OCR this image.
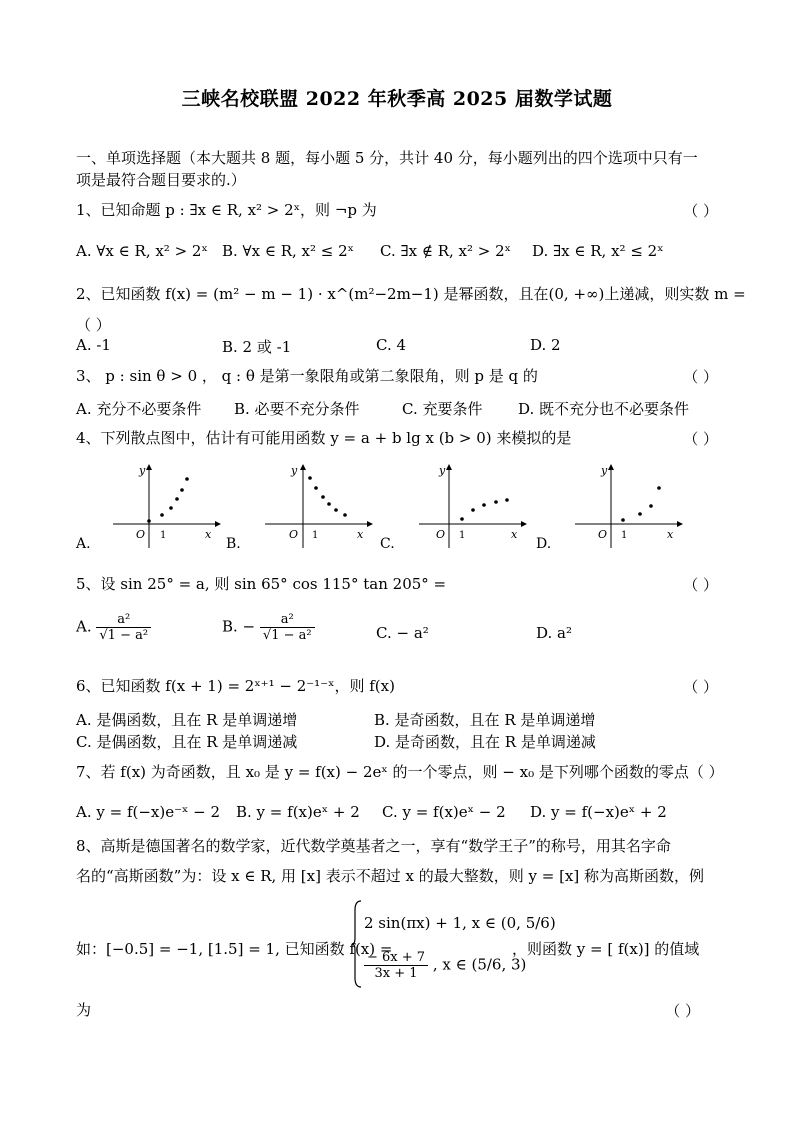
三峡名校联盟 2022 年秋季高 2025 届数学试题
一、单项选择题（本大题共 8 题，每小题 5 分，共计 40 分，每小题列出的四个选项中只有一
项是最符合题目要求的.）
1、已知命题 p : ∃x ∈ R, x² > 2ˣ，则 ¬p 为	（ ）
A. ∀x ∈ R, x² > 2ˣ B. ∀x ∈ R, x² ≤ 2ˣ C. ∃x ∉ R, x² > 2ˣ D. ∃x ∈ R, x² ≤ 2ˣ
2、已知函数 f(x) = (m² − m − 1) · x^(m²−2m−1) 是幂函数，且在(0, +∞)上递减，则实数 m =
（ ）
A. -1	B. 2 或 -1	C. 4	D. 2
3、 p : sin θ > 0 ， q : θ 是第一象限角或第二象限角，则 p 是 q 的	（ ）
A. 充分不必要条件 B. 必要不充分条件	C. 充要条件 D. 既不充分也不必要条件
4、下列散点图中，估计有可能用函数 y = a + b lg x (b > 0) 来模拟的是	（ ）
A.	B.	C.	D.
y
x
O 1
y
x
O 1
y
x
O 1
y
x
O 1
5、设 sin 25° = a, 则 sin 65° cos 115° tan 205° =	（ ）
A. $\frac{\text{a²}}{\text{√1 − a²}}$	B. − $\frac{\text{a²}}{\text{√1 − a²}}$	C. − a²	D. a²
6、已知函数 f(x + 1) = 2ˣ⁺¹ − 2⁻¹⁻ˣ，则 f(x)	（ ）
A. 是偶函数，且在 R 是单调递增	B. 是奇函数，且在 R 是单调递增
C. 是偶函数，且在 R 是单调递减	D. 是奇函数，且在 R 是单调递减
7、若 f(x) 为奇函数，且 x₀ 是 y = f(x) − 2eˣ 的一个零点，则 − x₀ 是下列哪个函数的零点（ ）
A. y = f(−x)e⁻ˣ − 2 B. y = f(x)eˣ + 2 C. y = f(x)eˣ − 2 D. y = f(−x)eˣ + 2
8、高斯是德国著名的数学家，近代数学奠基者之一，享有“数学王子”的称号，用其名字命
名的“高斯函数”为：设 x ∈ R, 用 [x] 表示不超过 x 的最大整数，则 y = [x] 称为高斯函数，例
如：[−0.5] = −1, [1.5] = 1, 已知函数 f(x) =
2 sin(πx) + 1, x ∈ (0, 5/6)
$\frac{- 6x + 7}{3x + 1}$ , x ∈ (5/6, 3)
，则函数 y = [ f(x)] 的值域
为	（ ）
